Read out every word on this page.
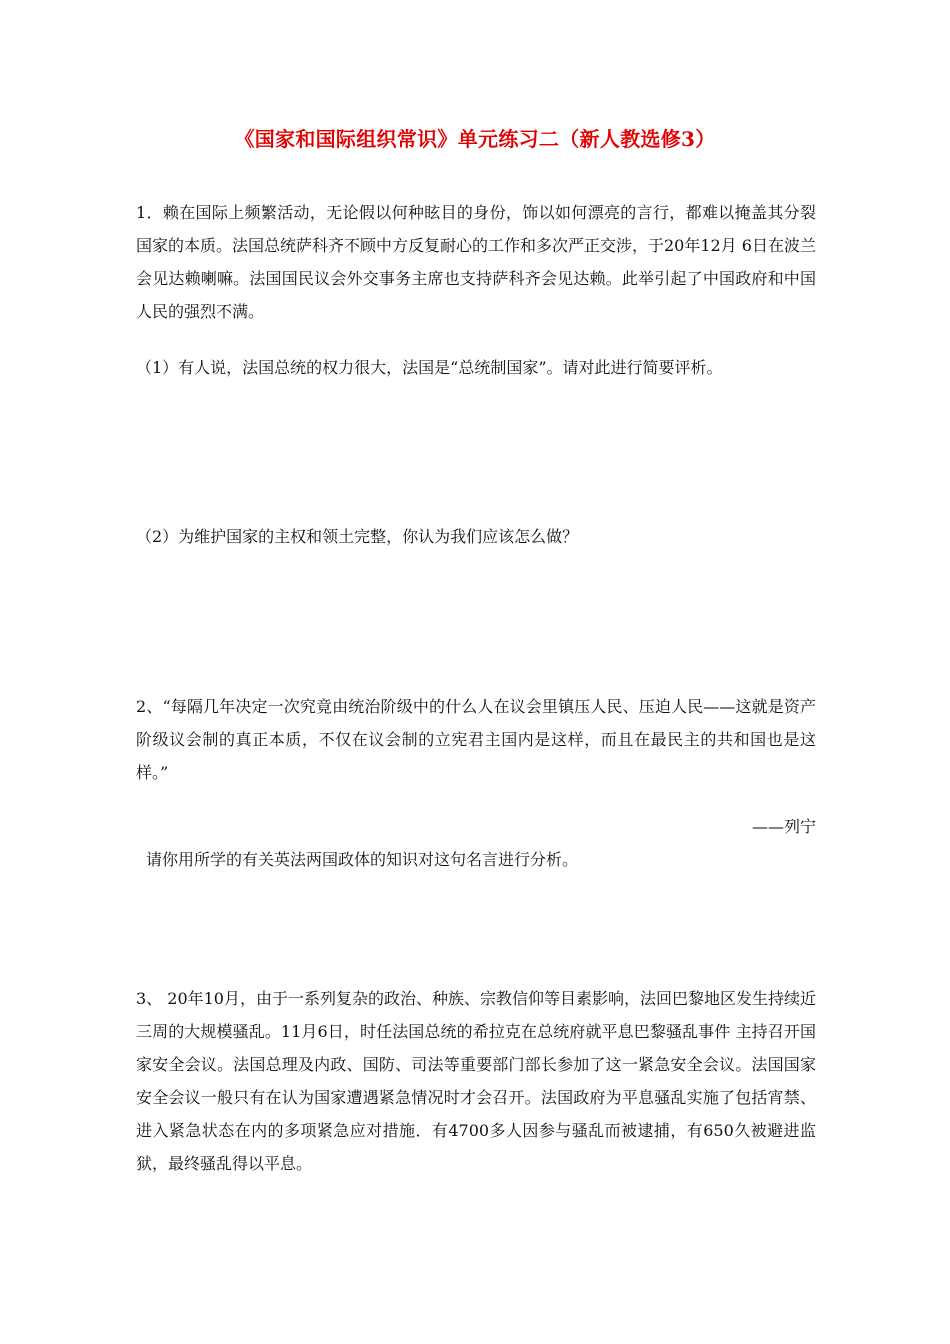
《国家和国际组织常识》单元练习二（新人教选修3）
1．赖在国际上频繁活动，无论假以何种眩目的身份，饰以如何漂亮的言行，都难以掩盖其分裂国家的本质。法国总统萨科齐不顾中方反复耐心的工作和多次严正交涉，于20年12月 6日在波兰会见达赖喇嘛。法国国民议会外交事务主席也支持萨科齐会见达赖。此举引起了中国政府和中国人民的强烈不满。
（1）有人说，法国总统的权力很大，法国是“总统制国家”。请对此进行简要评析。
（2）为维护国家的主权和领土完整，你认为我们应该怎么做？
2、“每隔几年决定一次究竟由统治阶级中的什么人在议会里镇压人民、压迫人民——这就是资产阶级议会制的真正本质，不仅在议会制的立宪君主国内是这样，而且在最民主的共和国也是这样。”
——列宁
请你用所学的有关英法两国政体的知识对这句名言进行分析。
3、 20年10月，由于一系列复杂的政治、种族、宗教信仰等目素影响，法回巴黎地区发生持续近三周的大规模骚乱。11月6日，时任法国总统的希拉克在总统府就平息巴黎骚乱事件 主持召开国家安全会议。法国总理及内政、国防、司法等重要部门部长参加了这一紧急安全会议。法国国家安全会议一般只有在认为国家遭遇紧急情况时才会召开。法国政府为平息骚乱实施了包括宵禁、进入紧急状态在内的多项紧急应对措施．有4700多人因参与骚乱而被逮捕，有650久被避进监狱，最终骚乱得以平息。
